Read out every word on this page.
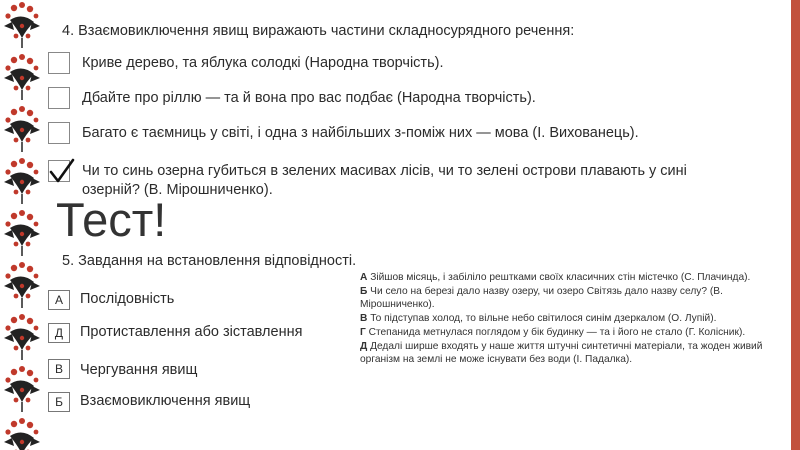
4. Взаємовиключення явищ виражають частини складносурядного речення:
Криве дерево, та яблука солодкі (Народна творчість).
Дбайте про ріллю — та й вона про вас подбає (Народна творчість).
Багато є таємниць у світі, і одна з найбільших з-поміж них — мова (І. Вихованець).
Чи то синь озерна губиться в зелених масивах лісів, чи то зелені острови плавають у сині озерній? (В. Мірошниченко).
Тест!
5. Завдання на встановлення відповідності.
А	Послідовність
Д	Протиставлення або зіставлення
В	Чергування явищ
Б	Взаємовиключення явищ

А Зійшов місяць, і забіліло рештками своїх класичних стін містечко (С. Плачинда).

Б Чи село на березі дало назву озеру, чи озеро Світязь дало назву селу? (В. Мірошниченко).

В То підступав холод, то вільне небо світилося синім дзеркалом (О. Лупій).

Г Степанида метнулася поглядом у бік будинку — та і його не стало (Г. Колісник).

Д Дедалі ширше входять у наше життя штучні синтетичні матеріали, та жоден живий організм на землі не може існувати без води (І. Падалка).
